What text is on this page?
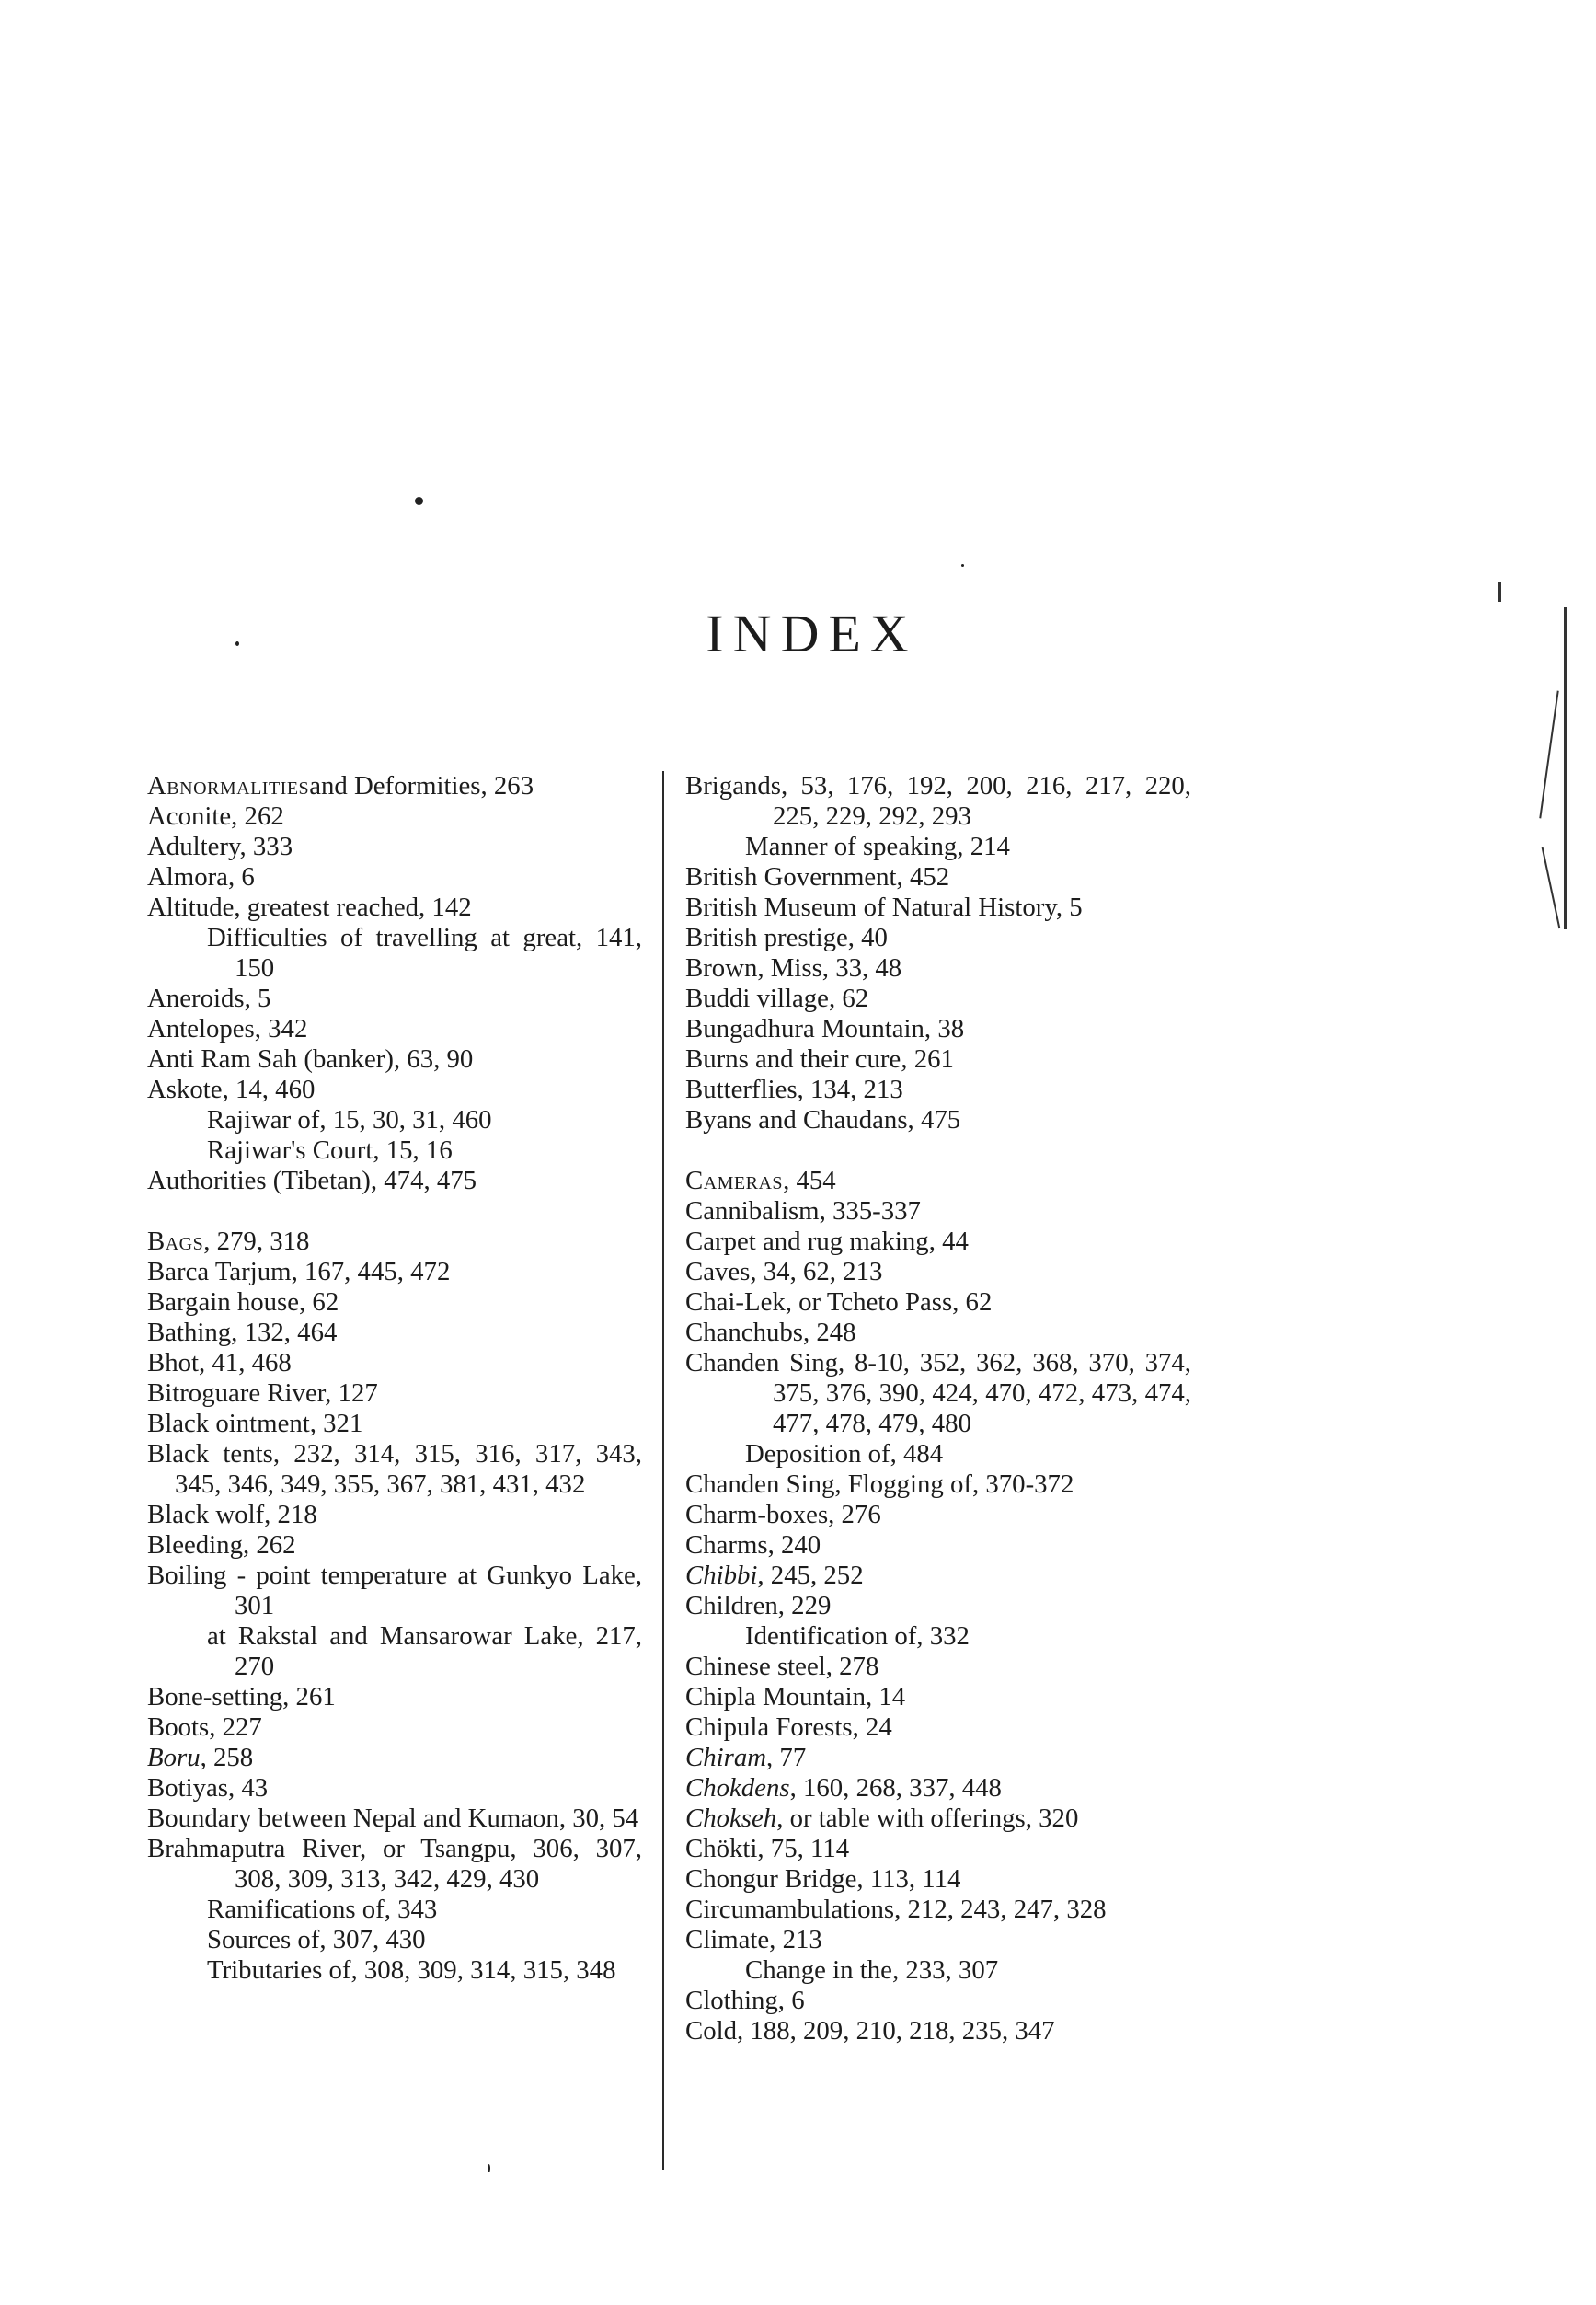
INDEX

Abnormalitiesand Deformities, 263

Aconite, 262

Adultery, 333

Almora, 6

Altitude, greatest reached, 142

Difficulties of travelling at great, 141, 150

Aneroids, 5

Antelopes, 342

Anti Ram Sah (banker), 63, 90

Askote, 14, 460

Rajiwar of, 15, 30, 31, 460

Rajiwar's Court, 15, 16

Authorities (Tibetan), 474, 475

Bags, 279, 318

Barca Tarjum, 167, 445, 472

Bargain house, 62

Bathing, 132, 464

Bhot, 41, 468

Bitroguare River, 127

Black ointment, 321

Black tents, 232, 314, 315, 316, 317, 343, 345, 346, 349, 355, 367, 381, 431, 432

Black wolf, 218

Bleeding, 262

Boiling - point temperature at Gunkyo Lake, 301

at Rakstal and Mansarowar Lake, 217, 270

Bone-setting, 261

Boots, 227

Boru, 258

Botiyas, 43

Boundary between Nepal and Kumaon, 30, 54

Brahmaputra River, or Tsangpu, 306, 307, 308, 309, 313, 342, 429, 430

Ramifications of, 343

Sources of, 307, 430

Tributaries of, 308, 309, 314, 315, 348

Brigands, 53, 176, 192, 200, 216, 217, 220, 225, 229, 292, 293

Manner of speaking, 214

British Government, 452

British Museum of Natural History, 5

British prestige, 40

Brown, Miss, 33, 48

Buddi village, 62

Bungadhura Mountain, 38

Burns and their cure, 261

Butterflies, 134, 213

Byans and Chaudans, 475

Cameras, 454

Cannibalism, 335-337

Carpet and rug making, 44

Caves, 34, 62, 213

Chai-Lek, or Tcheto Pass, 62

Chanchubs, 248

Chanden Sing, 8-10, 352, 362, 368, 370, 374, 375, 376, 390, 424, 470, 472, 473, 474, 477, 478, 479, 480

Deposition of, 484

Chanden Sing, Flogging of, 370-372

Charm-boxes, 276

Charms, 240

Chibbi, 245, 252

Children, 229

Identification of, 332

Chinese steel, 278

Chipla Mountain, 14

Chipula Forests, 24

Chiram, 77

Chokdens, 160, 268, 337, 448

Chokseh, or table with offerings, 320

Chökti, 75, 114

Chongur Bridge, 113, 114

Circumambulations, 212, 243, 247, 328

Climate, 213

Change in the, 233, 307

Clothing, 6

Cold, 188, 209, 210, 218, 235, 347
